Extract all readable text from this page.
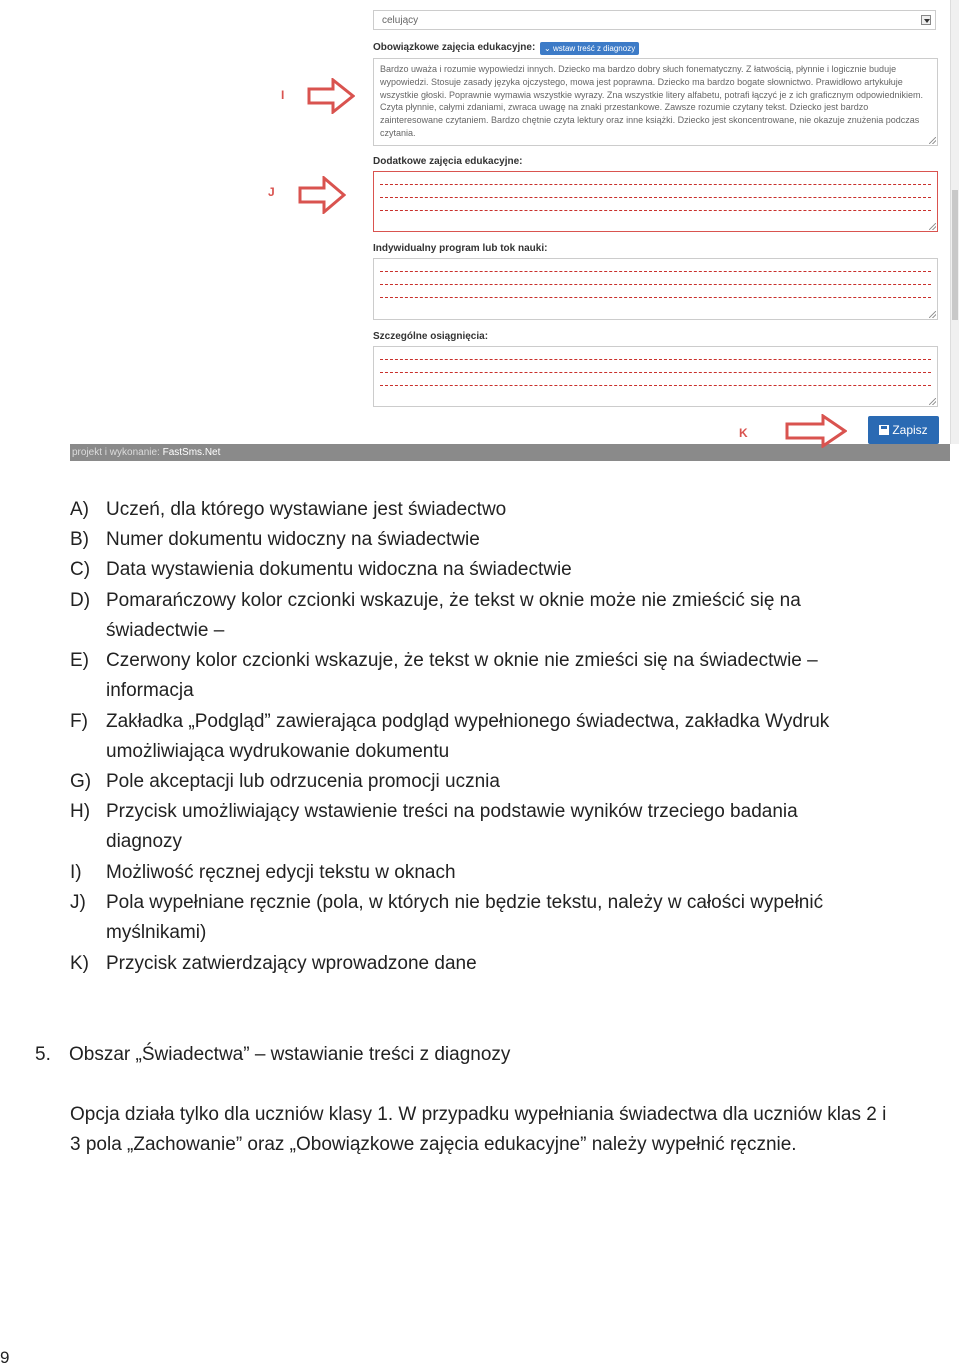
celujący
Obowiązkowe zajęcia edukacyjne:	⌄ wstaw treść z diagnozy
Bardzo uważa i rozumie wypowiedzi innych. Dziecko ma bardzo dobry słuch fonematyczny. Z łatwością, płynnie i logicznie buduje wypowiedzi. Stosuje zasady języka ojczystego, mowa jest poprawna. Dziecko ma bardzo bogate słownictwo. Prawidłowo artykułuje wszystkie głoski. Poprawnie wymawia wszystkie wyrazy. Zna wszystkie litery alfabetu, potrafi łączyć je z ich graficznym odpowiednikiem. Czyta płynnie, całymi zdaniami, zwraca uwagę na znaki przestankowe. Zawsze rozumie czytany tekst. Dziecko jest bardzo zainteresowane czytaniem. Bardzo chętnie czyta lektury oraz inne książki. Dziecko jest skoncentrowane, nie okazuje znużenia podczas czytania.
Dodatkowe zajęcia edukacyjne:
Indywidualny program lub tok nauki:
Szczególne osiągnięcia:
Zapisz
projekt i wykonanie: FastSms.Net
I
J
K
A) Uczeń, dla którego wystawiane jest świadectwo
B) Numer dokumentu widoczny na świadectwie
C) Data wystawienia dokumentu widoczna na świadectwie
D) Pomarańczowy kolor czcionki wskazuje, że tekst w oknie może nie zmieścić się na świadectwie –
E) Czerwony kolor czcionki wskazuje, że tekst w oknie nie zmieści się na świadectwie – informacja
F) Zakładka „Podgląd” zawierająca podgląd wypełnionego świadectwa, zakładka Wydruk umożliwiająca wydrukowanie dokumentu
G) Pole akceptacji lub odrzucenia promocji ucznia
H) Przycisk umożliwiający wstawienie treści na podstawie wyników trzeciego badania diagnozy
I) Możliwość ręcznej edycji tekstu w oknach
J) Pola wypełniane ręcznie (pola, w których nie będzie tekstu, należy w całości wypełnić myślnikami)
K) Przycisk zatwierdzający wprowadzone dane
5. Obszar „Świadectwa” – wstawianie treści z diagnozy
Opcja działa tylko dla uczniów klasy 1. W przypadku wypełniania świadectwa dla uczniów klas 2 i 3 pola „Zachowanie” oraz „Obowiązkowe zajęcia edukacyjne” należy wypełnić ręcznie.
9
